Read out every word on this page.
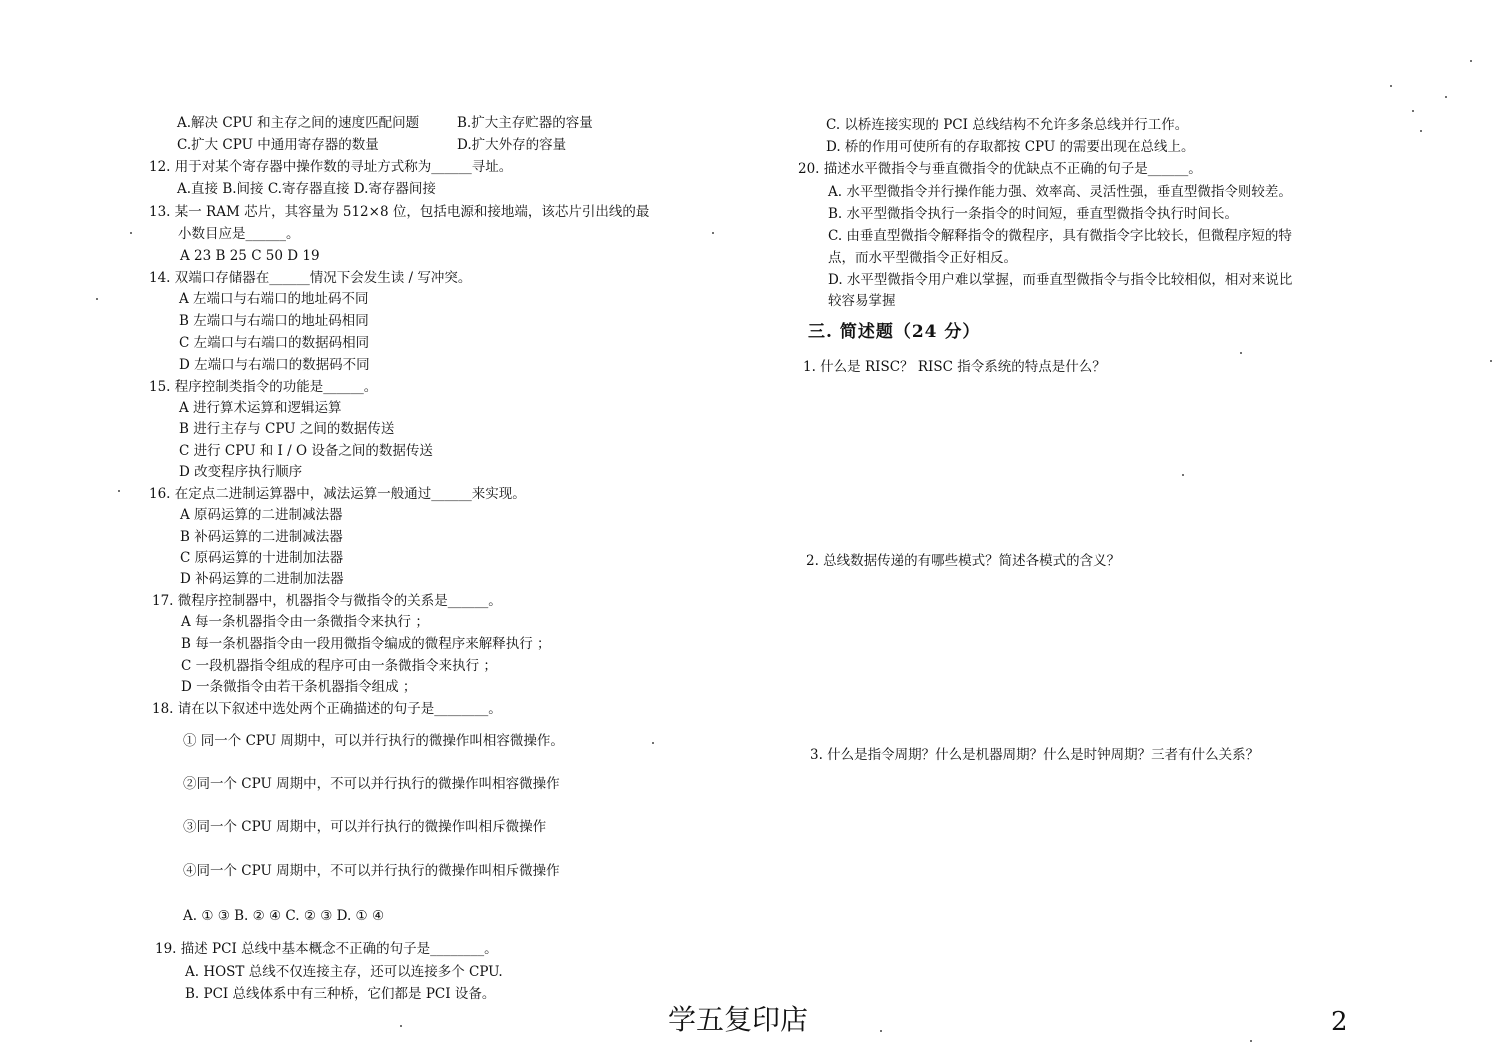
A.解决 CPU 和主存之间的速度匹配问题	B.扩大主存贮器的容量
C.扩大 CPU 中通用寄存器的数量	D.扩大外存的容量
12. 用于对某个寄存器中操作数的寻址方式称为______寻址。
A.直接 B.间接 C.寄存器直接 D.寄存器间接
13. 某一 RAM 芯片，其容量为 512×8 位，包括电源和接地端，该芯片引出线的最
小数目应是______。
A 23 B 25 C 50 D 19
14. 双端口存储器在______情况下会发生读 / 写冲突。
A 左端口与右端口的地址码不同
B 左端口与右端口的地址码相同
C 左端口与右端口的数据码相同
D 左端口与右端口的数据码不同
15. 程序控制类指令的功能是______。
A 进行算术运算和逻辑运算
B 进行主存与 CPU 之间的数据传送
C 进行 CPU 和 I / O 设备之间的数据传送
D 改变程序执行顺序
16. 在定点二进制运算器中，减法运算一般通过______来实现。
A 原码运算的二进制减法器
B 补码运算的二进制减法器
C 原码运算的十进制加法器
D 补码运算的二进制加法器
17. 微程序控制器中，机器指令与微指令的关系是______。
A 每一条机器指令由一条微指令来执行 ；
B 每一条机器指令由一段用微指令编成的微程序来解释执行 ；
C 一段机器指令组成的程序可由一条微指令来执行 ；
D 一条微指令由若干条机器指令组成 ；
18. 请在以下叙述中选处两个正确描述的句子是________。
① 同一个 CPU 周期中，可以并行执行的微操作叫相容微操作。
②同一个 CPU 周期中，不可以并行执行的微操作叫相容微操作
③同一个 CPU 周期中，可以并行执行的微操作叫相斥微操作
④同一个 CPU 周期中，不可以并行执行的微操作叫相斥微操作
A. ① ③ B. ② ④ C. ② ③ D. ① ④
19. 描述 PCI 总线中基本概念不正确的句子是________。
A. HOST 总线不仅连接主存，还可以连接多个 CPU.
B. PCI 总线体系中有三种桥，它们都是 PCI 设备。
C. 以桥连接实现的 PCI 总线结构不允许多条总线并行工作。
D. 桥的作用可使所有的存取都按 CPU 的需要出现在总线上。
20. 描述水平微指令与垂直微指令的优缺点不正确的句子是______。
A. 水平型微指令并行操作能力强、效率高、灵活性强，垂直型微指令则较差。
B. 水平型微指令执行一条指令的时间短，垂直型微指令执行时间长。
C. 由垂直型微指令解释指令的微程序，具有微指令字比较长，但微程序短的特
点，而水平型微指令正好相反。
D. 水平型微指令用户难以掌握，而垂直型微指令与指令比较相似，相对来说比
较容易掌握
三. 简述题（24 分）
1. 什么是 RISC？ RISC 指令系统的特点是什么？
2. 总线数据传递的有哪些模式？简述各模式的含义？
3. 什么是指令周期？什么是机器周期？什么是时钟周期？三者有什么关系？
学五复印店	2
